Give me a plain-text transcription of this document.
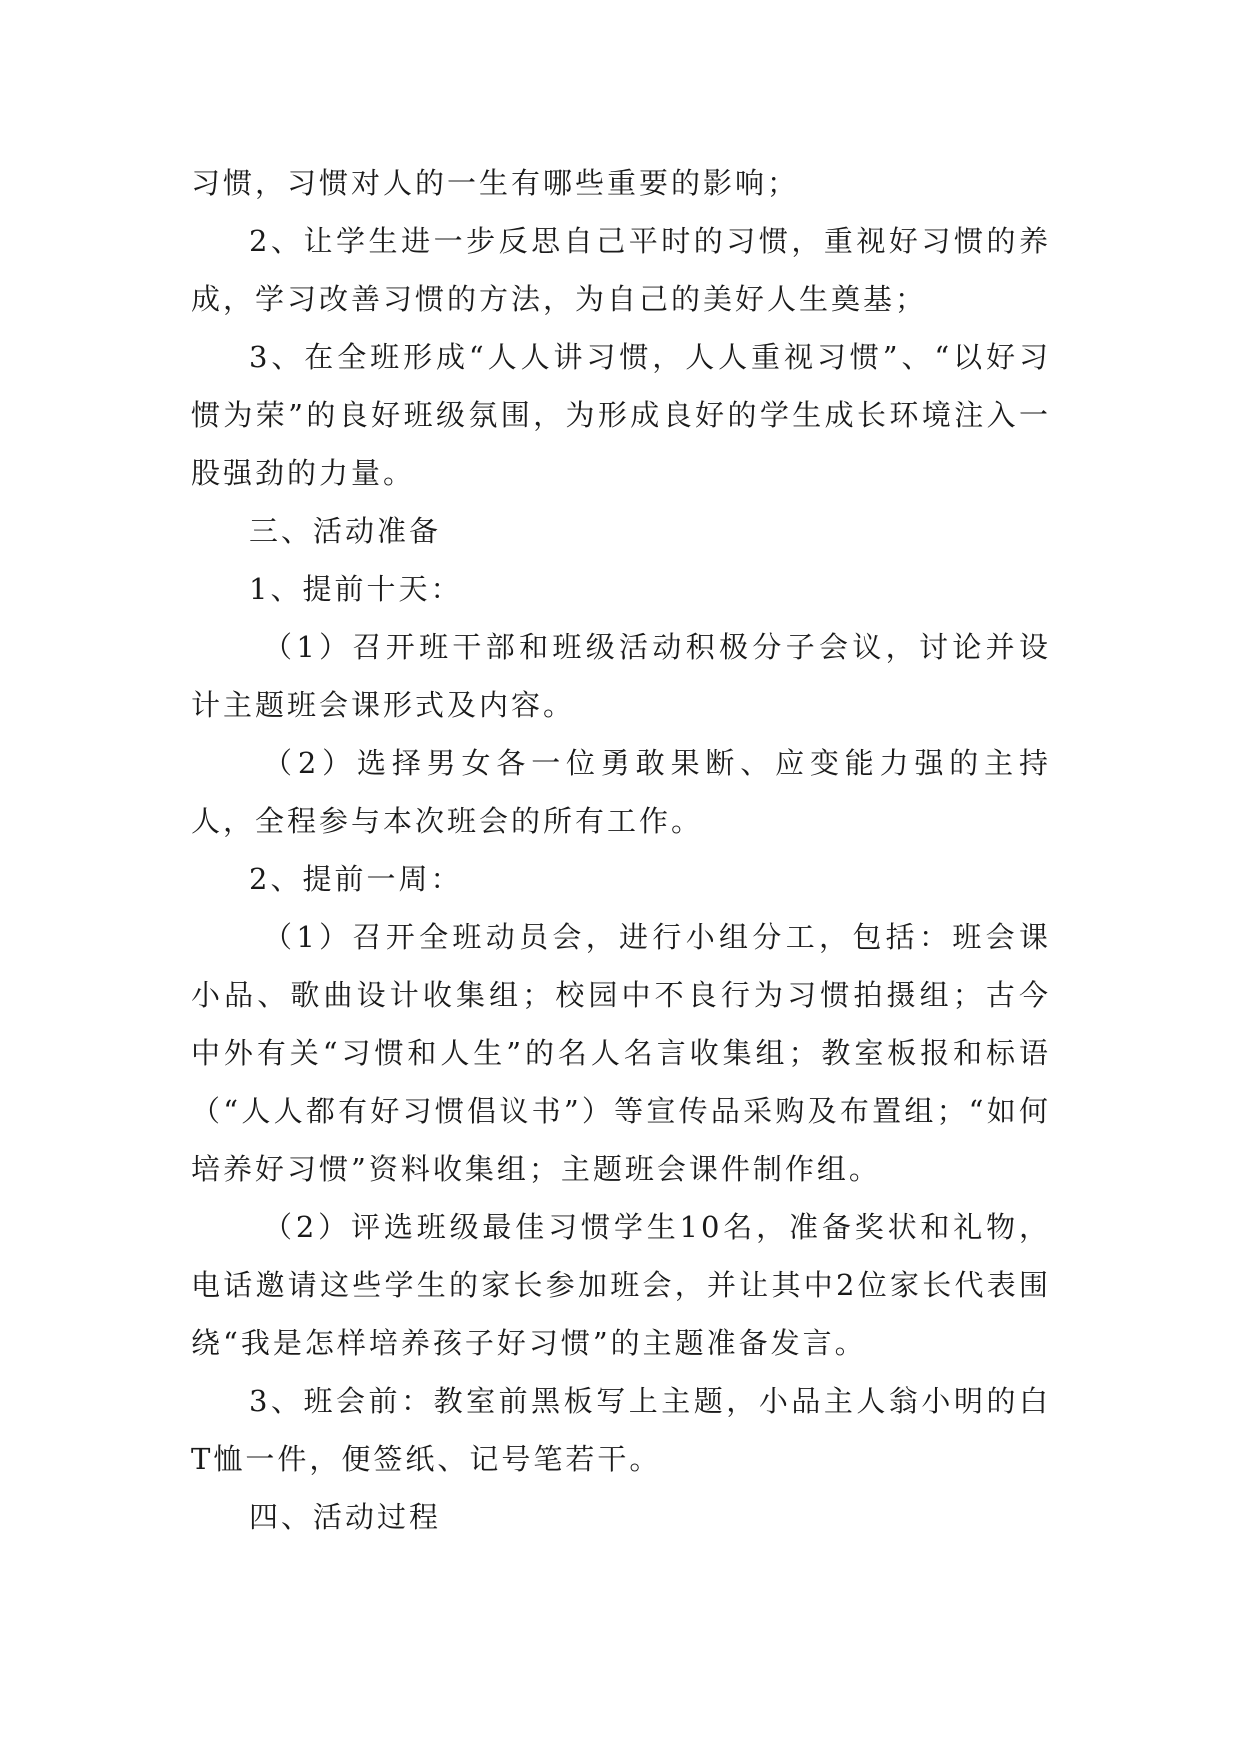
习惯，习惯对人的一生有哪些重要的影响；

2、让学生进一步反思自己平时的习惯，重视好习惯的养成，学习改善习惯的方法，为自己的美好人生奠基；

3、在全班形成“人人讲习惯，人人重视习惯”、“以好习惯为荣”的良好班级氛围，为形成良好的学生成长环境注入一股强劲的力量。

三、活动准备

1、提前十天：

（1）召开班干部和班级活动积极分子会议，讨论并设计主题班会课形式及内容。

（2）选择男女各一位勇敢果断、应变能力强的主持人，全程参与本次班会的所有工作。

2、提前一周：

（1）召开全班动员会，进行小组分工，包括：班会课小品、歌曲设计收集组；校园中不良行为习惯拍摄组；古今中外有关“习惯和人生”的名人名言收集组；教室板报和标语（“人人都有好习惯倡议书”）等宣传品采购及布置组；“如何培养好习惯”资料收集组；主题班会课件制作组。

（2）评选班级最佳习惯学生10名，准备奖状和礼物，电话邀请这些学生的家长参加班会，并让其中2位家长代表围绕“我是怎样培养孩子好习惯”的主题准备发言。

3、班会前：教室前黑板写上主题，小品主人翁小明的白T恤一件，便签纸、记号笔若干。

四、活动过程
